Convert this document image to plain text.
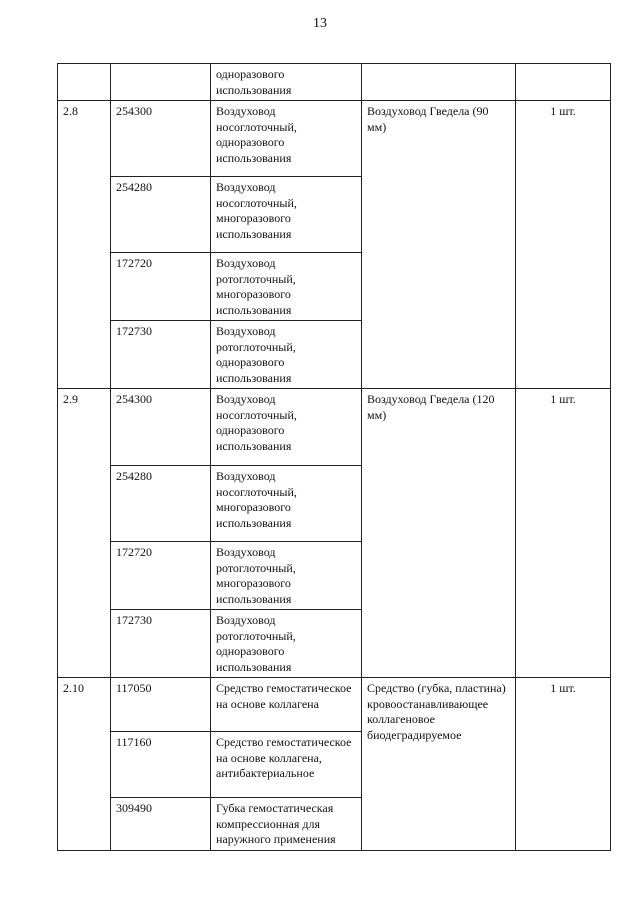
13
		одноразового использования		
2.8	254300	Воздуховод носоглоточный, одноразового использования	Воздуховод Гведела (90 мм)	1 шт.
	254280	Воздуховод носоглоточный, многоразового использования		
	172720	Воздуховод ротоглоточный, многоразового использования		
	172730	Воздуховод ротоглоточный, одноразового использования		
2.9	254300	Воздуховод носоглоточный, одноразового использования	Воздуховод Гведела (120 мм)	1 шт.
	254280	Воздуховод носоглоточный, многоразового использования		
	172720	Воздуховод ротоглоточный, многоразового использования		
	172730	Воздуховод ротоглоточный, одноразового использования		
2.10	117050	Средство гемостатическое на основе коллагена	Средство (губка, пластина) кровоостанавливающее коллагеновое биодеградируемое	1 шт.
	117160	Средство гемостатическое на основе коллагена, антибактериальное		
	309490	Губка гемостатическая компрессионная для наружного применения		
